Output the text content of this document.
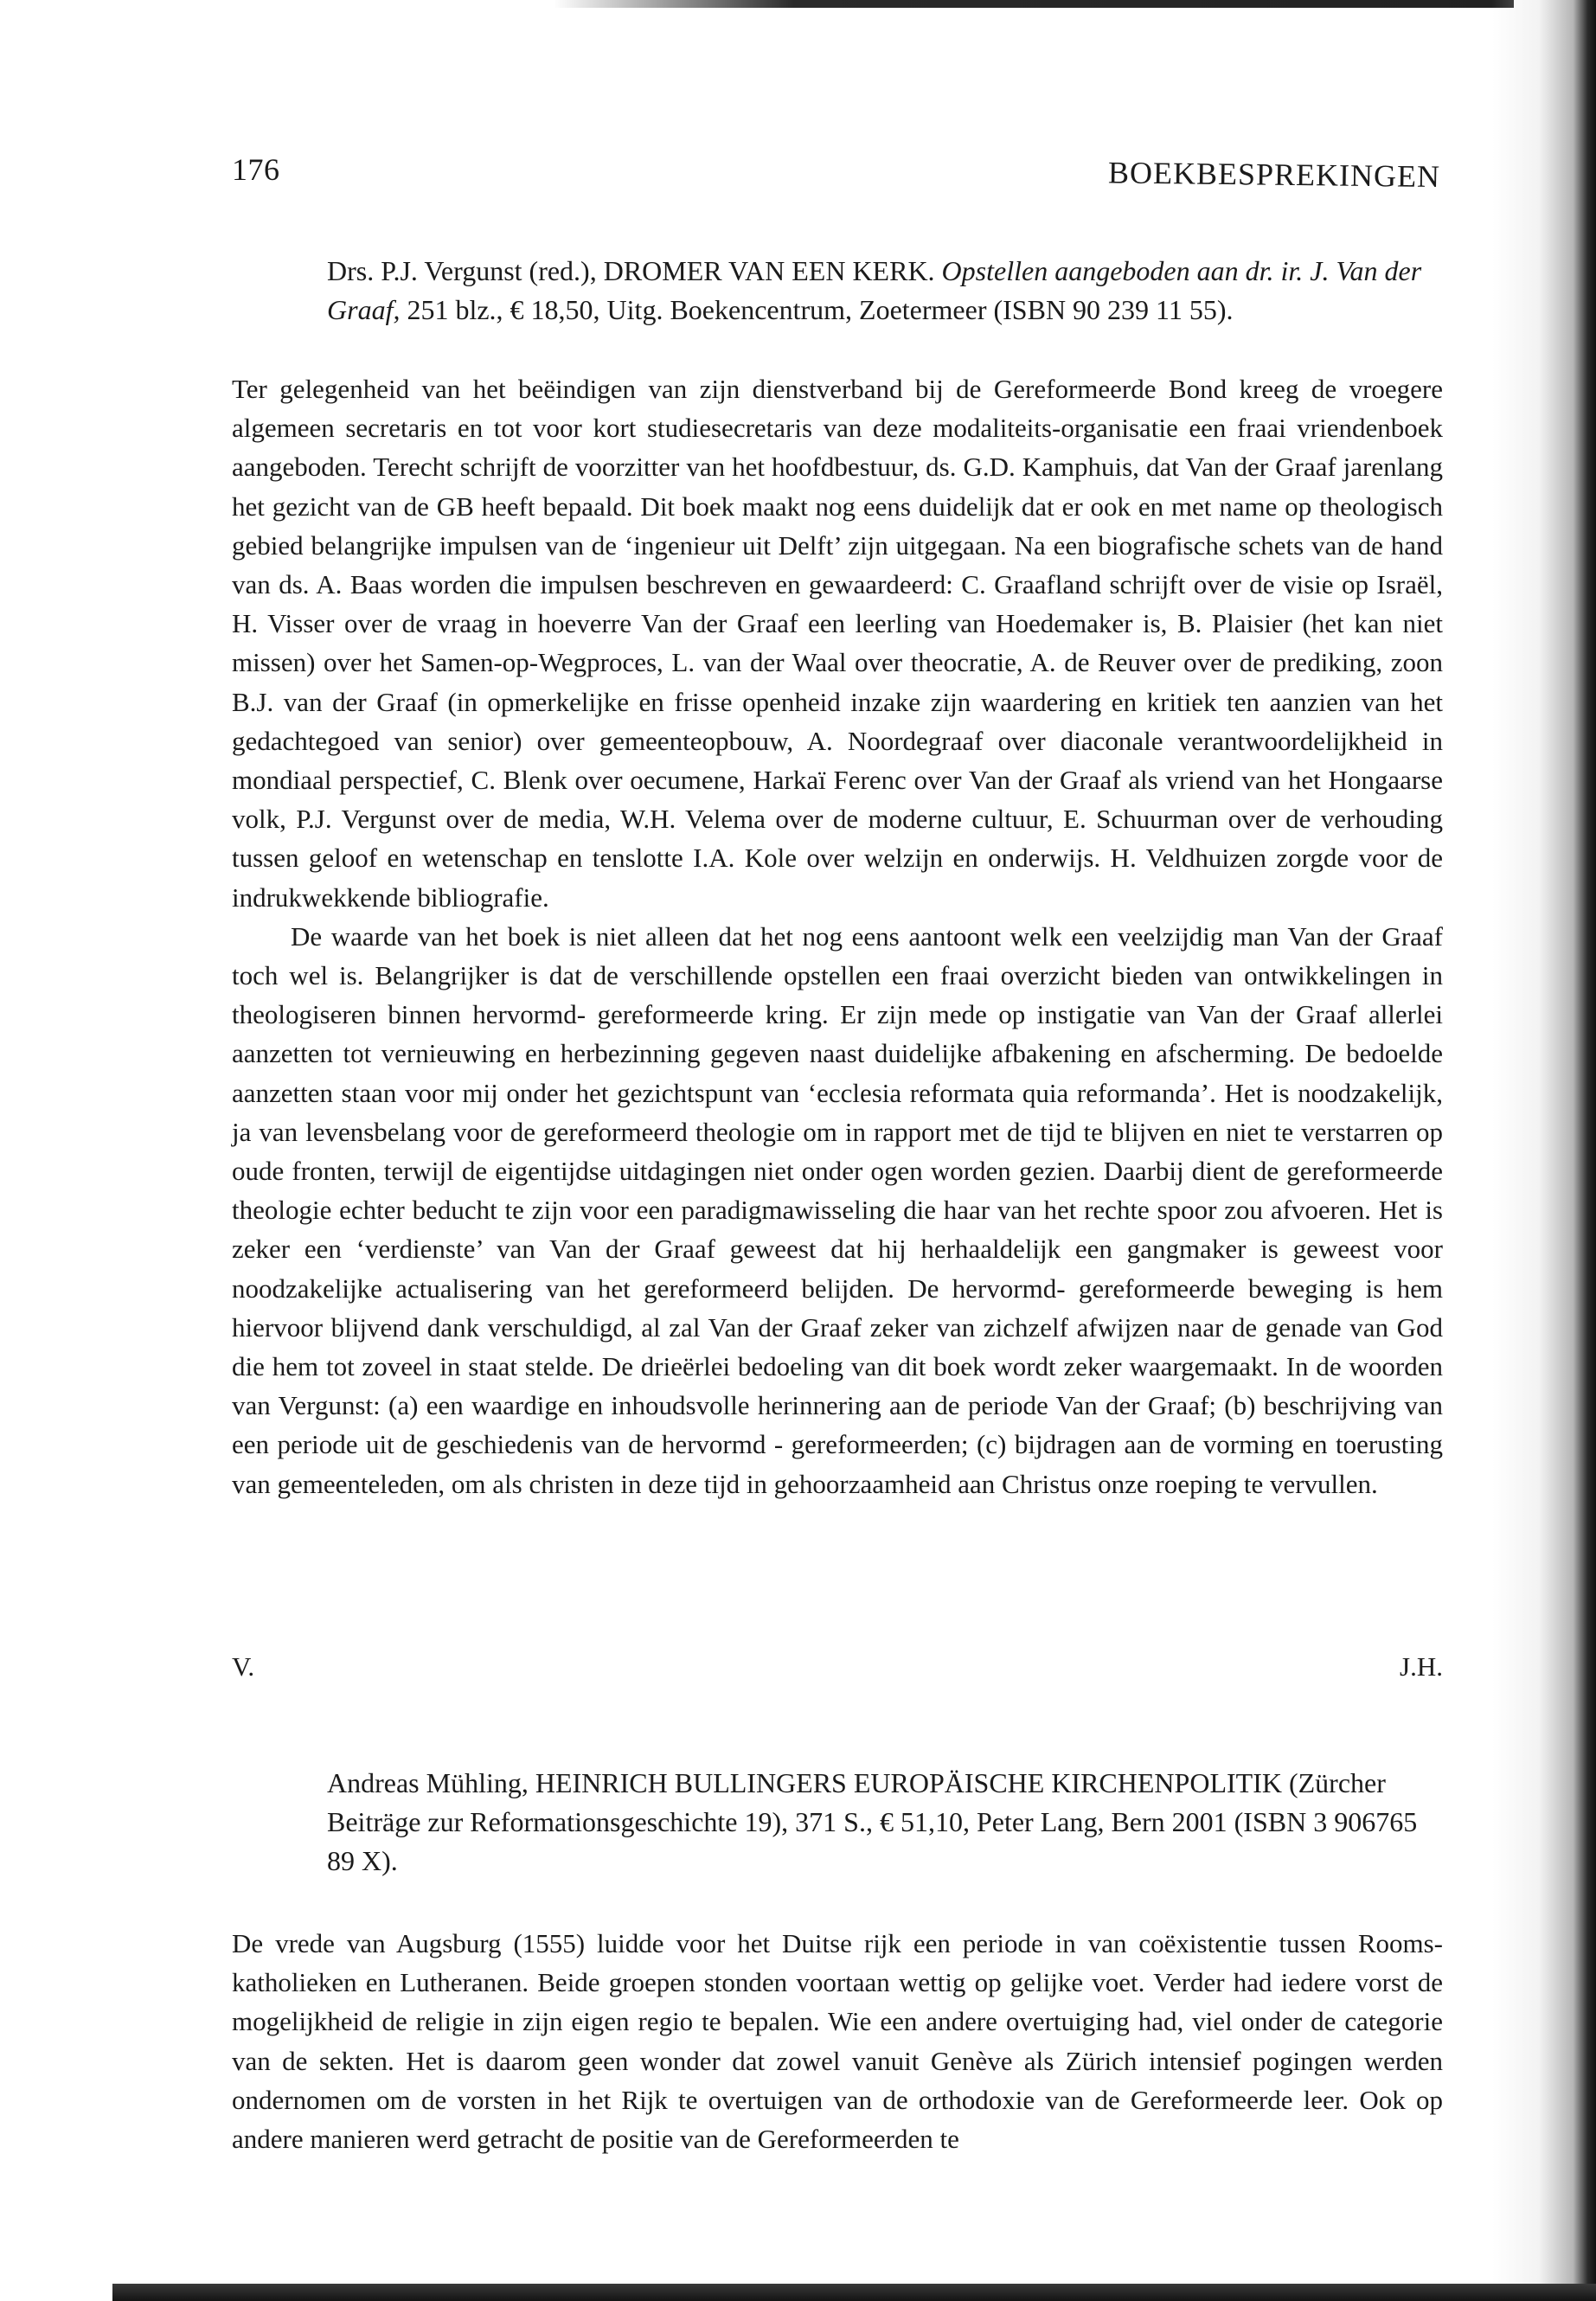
176	BOEKBESPREKINGEN

Drs. P.J. Vergunst (red.), DROMER VAN EEN KERK. Opstellen aangeboden aan dr. ir. J. Van der Graaf, 251 blz., € 18,50, Uitg. Boekencentrum, Zoetermeer (ISBN 90 239 11 55).

Ter gelegenheid van het beëindigen van zijn dienstverband bij de Gereformeerde Bond kreeg de vroegere algemeen secretaris en tot voor kort studiesecretaris van deze modaliteits-organisatie een fraai vriendenboek aangeboden. Terecht schrijft de voorzitter van het hoofdbestuur, ds. G.D. Kamphuis, dat Van der Graaf jarenlang het gezicht van de GB heeft bepaald. Dit boek maakt nog eens duidelijk dat er ook en met name op theologisch gebied belangrijke impulsen van de ‘ingenieur uit Delft’ zijn uitgegaan. Na een biografische schets van de hand van ds. A. Baas worden die impulsen beschreven en gewaardeerd: C. Graafland schrijft over de visie op Israël, H. Visser over de vraag in hoeverre Van der Graaf een leerling van Hoedemaker is, B. Plaisier (het kan niet missen) over het Samen-op-Wegproces, L. van der Waal over theocratie, A. de Reuver over de prediking, zoon B.J. van der Graaf (in opmerkelijke en frisse openheid inzake zijn waardering en kritiek ten aanzien van het gedachtegoed van senior) over gemeenteopbouw, A. Noordegraaf over diaconale verantwoordelijkheid in mondiaal perspectief, C. Blenk over oecumene, Harkaï Ferenc over Van der Graaf als vriend van het Hongaarse volk, P.J. Vergunst over de media, W.H. Velema over de moderne cultuur, E. Schuurman over de verhouding tussen geloof en wetenschap en tenslotte I.A. Kole over welzijn en onderwijs. H. Veldhuizen zorgde voor de indrukwekkende bibliografie.

De waarde van het boek is niet alleen dat het nog eens aantoont welk een veelzijdig man Van der Graaf toch wel is. Belangrijker is dat de verschillende opstellen een fraai overzicht bieden van ontwikkelingen in theologiseren binnen hervormd- gereformeerde kring. Er zijn mede op instigatie van Van der Graaf allerlei aanzetten tot vernieuwing en herbezinning gegeven naast duidelijke afbakening en afscherming. De bedoelde aanzetten staan voor mij onder het gezichtspunt van ‘ecclesia reformata quia reformanda’. Het is noodzakelijk, ja van levensbelang voor de gereformeerd theologie om in rapport met de tijd te blijven en niet te verstarren op oude fronten, terwijl de eigentijdse uitdagingen niet onder ogen worden gezien. Daarbij dient de gereformeerde theologie echter beducht te zijn voor een paradigmawisseling die haar van het rechte spoor zou afvoeren. Het is zeker een ‘verdienste’ van Van der Graaf geweest dat hij herhaaldelijk een gangmaker is geweest voor noodzakelijke actualisering van het gereformeerd belijden. De hervormd- gereformeerde beweging is hem hiervoor blijvend dank verschuldigd, al zal Van der Graaf zeker van zichzelf afwijzen naar de genade van God die hem tot zoveel in staat stelde. De drieërlei bedoeling van dit boek wordt zeker waargemaakt. In de woorden van Vergunst: (a) een waardige en inhoudsvolle herinnering aan de periode Van der Graaf; (b) beschrijving van een periode uit de geschiedenis van de hervormd - gereformeerden; (c) bijdragen aan de vorming en toerusting van gemeenteleden, om als christen in deze tijd in gehoorzaamheid aan Christus onze roeping te vervullen.

V.	J.H.

Andreas Mühling, HEINRICH BULLINGERS EUROPÄISCHE KIRCHENPOLITIK (Zürcher Beiträge zur Reformationsgeschichte 19), 371 S., € 51,10, Peter Lang, Bern 2001 (ISBN 3 906765 89 X).

De vrede van Augsburg (1555) luidde voor het Duitse rijk een periode in van coëxistentie tussen Rooms-katholieken en Lutheranen. Beide groepen stonden voortaan wettig op gelijke voet. Verder had iedere vorst de mogelijkheid de religie in zijn eigen regio te bepalen. Wie een andere overtuiging had, viel onder de categorie van de sekten. Het is daarom geen wonder dat zowel vanuit Genève als Zürich intensief pogingen werden ondernomen om de vorsten in het Rijk te overtuigen van de orthodoxie van de Gereformeerde leer. Ook op andere manieren werd getracht de positie van de Gereformeerden te
